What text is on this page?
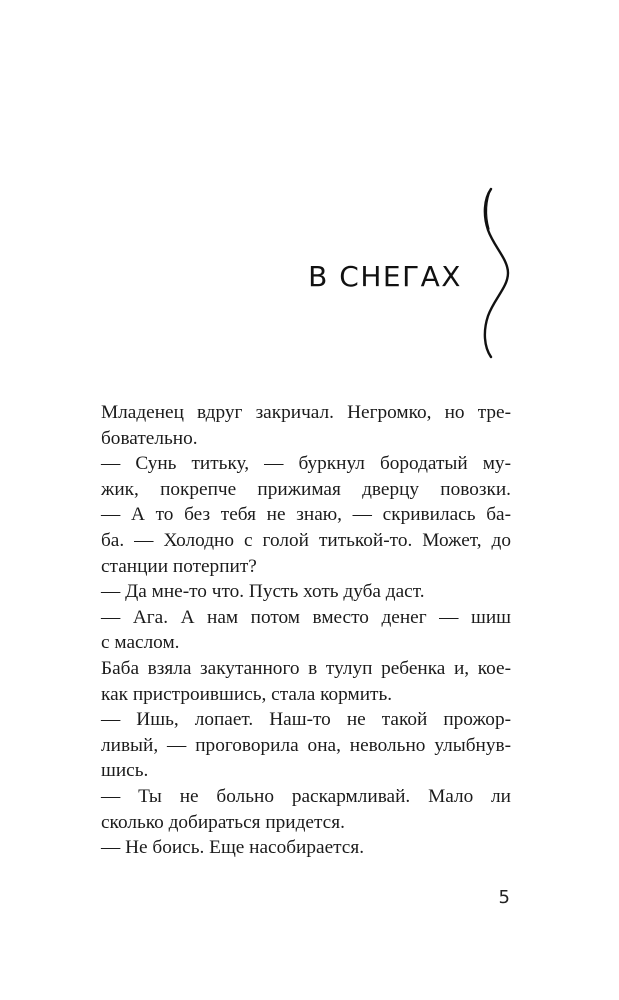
В СНЕГАХ
Младенец вдруг закричал. Негромко, но тре-
бовательно.
— Сунь титьку, — буркнул бородатый му-
жик, покрепче прижимая дверцу повозки.
— А то без тебя не знаю, — скривилась ба-
ба. — Холодно с голой титькой-то. Может, до
станции потерпит?
— Да мне-то что. Пусть хоть дуба даст.
— Ага. А нам потом вместо денег — шиш
с маслом.
Баба взяла закутанного в тулуп ребенка и, кое-
как пристроившись, стала кормить.
— Ишь, лопает. Наш-то не такой прожор-
ливый, — проговорила она, невольно улыбнув-
шись.
— Ты не больно раскармливай. Мало ли
сколько добираться придется.
— Не боись. Еще насобирается.

5
